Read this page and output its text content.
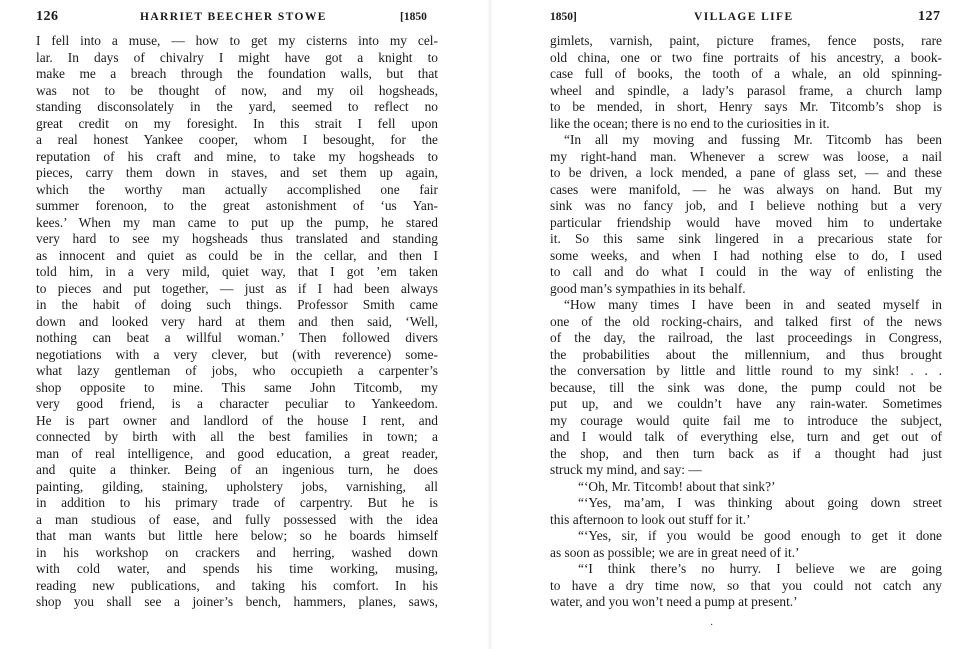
126	HARRIET BEECHER STOWE	[1850
I fell into a muse, — how to get my cisterns into my cel-
lar. In days of chivalry I might have got a knight to
make me a breach through the foundation walls, but that
was not to be thought of now, and my oil hogsheads,
standing disconsolately in the yard, seemed to reflect no
great credit on my foresight. In this strait I fell upon
a real honest Yankee cooper, whom I besought, for the
reputation of his craft and mine, to take my hogsheads to
pieces, carry them down in staves, and set them up again,
which the worthy man actually accomplished one fair
summer forenoon, to the great astonishment of ‘us Yan-
kees.’ When my man came to put up the pump, he stared
very hard to see my hogsheads thus translated and standing
as innocent and quiet as could be in the cellar, and then I
told him, in a very mild, quiet way, that I got ’em taken
to pieces and put together, — just as if I had been always
in the habit of doing such things. Professor Smith came
down and looked very hard at them and then said, ‘Well,
nothing can beat a willful woman.’ Then followed divers
negotiations with a very clever, but (with reverence) some-
what lazy gentleman of jobs, who occupieth a carpenter’s
shop opposite to mine. This same John Titcomb, my
very good friend, is a character peculiar to Yankeedom.
He is part owner and landlord of the house I rent, and
connected by birth with all the best families in town; a
man of real intelligence, and good education, a great reader,
and quite a thinker. Being of an ingenious turn, he does
painting, gilding, staining, upholstery jobs, varnishing, all
in addition to his primary trade of carpentry. But he is
a man studious of ease, and fully possessed with the idea
that man wants but little here below; so he boards himself
in his workshop on crackers and herring, washed down
with cold water, and spends his time working, musing,
reading new publications, and taking his comfort. In his
shop you shall see a joiner’s bench, hammers, planes, saws,
1850]	VILLAGE LIFE	127
gimlets, varnish, paint, picture frames, fence posts, rare
old china, one or two fine portraits of his ancestry, a book-
case full of books, the tooth of a whale, an old spinning-
wheel and spindle, a lady’s parasol frame, a church lamp
to be mended, in short, Henry says Mr. Titcomb’s shop is
like the ocean; there is no end to the curiosities in it.
“In all my moving and fussing Mr. Titcomb has been
my right-hand man. Whenever a screw was loose, a nail
to be driven, a lock mended, a pane of glass set, — and these
cases were manifold, — he was always on hand. But my
sink was no fancy job, and I believe nothing but a very
particular friendship would have moved him to undertake
it. So this same sink lingered in a precarious state for
some weeks, and when I had nothing else to do, I used
to call and do what I could in the way of enlisting the
good man’s sympathies in its behalf.
“How many times I have been in and seated myself in
one of the old rocking-chairs, and talked first of the news
of the day, the railroad, the last proceedings in Congress,
the probabilities about the millennium, and thus brought
the conversation by little and little round to my sink! . . .
because, till the sink was done, the pump could not be
put up, and we couldn’t have any rain-water. Sometimes
my courage would quite fail me to introduce the subject,
and I would talk of everything else, turn and get out of
the shop, and then turn back as if a thought had just
struck my mind, and say: —
“‘Oh, Mr. Titcomb! about that sink?’
“‘Yes, ma’am, I was thinking about going down street
this afternoon to look out stuff for it.’
“‘Yes, sir, if you would be good enough to get it done
as soon as possible; we are in great need of it.’
“‘I think there’s no hurry. I believe we are going
to have a dry time now, so that you could not catch any
water, and you won’t need a pump at present.’
·
